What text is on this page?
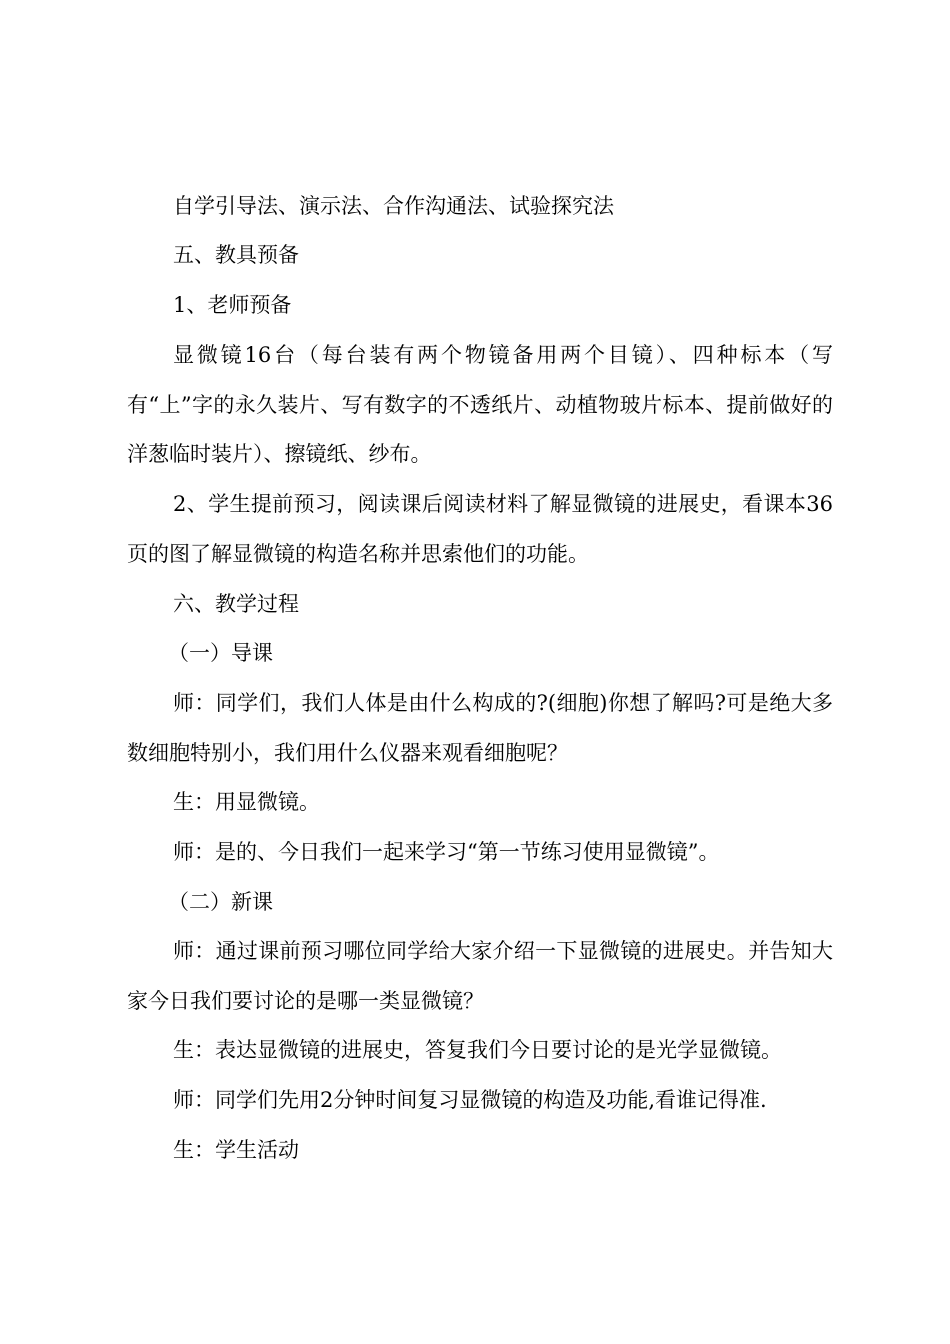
自学引导法、演示法、合作沟通法、试验探究法

五、教具预备

1、老师预备

显微镜16台（每台装有两个物镜备用两个目镜）、四种标本（写有“上”字的永久装片、写有数字的不透纸片、动植物玻片标本、提前做好的洋葱临时装片）、擦镜纸、纱布。

2、学生提前预习，阅读课后阅读材料了解显微镜的进展史，看课本36页的图了解显微镜的构造名称并思索他们的功能。

六、教学过程

（一）导课

师：同学们，我们人体是由什么构成的?(细胞)你想了解吗?可是绝大多数细胞特别小，我们用什么仪器来观看细胞呢？

生：用显微镜。

师：是的、今日我们一起来学习“第一节练习使用显微镜”。

（二）新课

师：通过课前预习哪位同学给大家介绍一下显微镜的进展史。并告知大家今日我们要讨论的是哪一类显微镜？

生：表达显微镜的进展史，答复我们今日要讨论的是光学显微镜。

师：同学们先用2分钟时间复习显微镜的构造及功能,看谁记得准.

生：学生活动
